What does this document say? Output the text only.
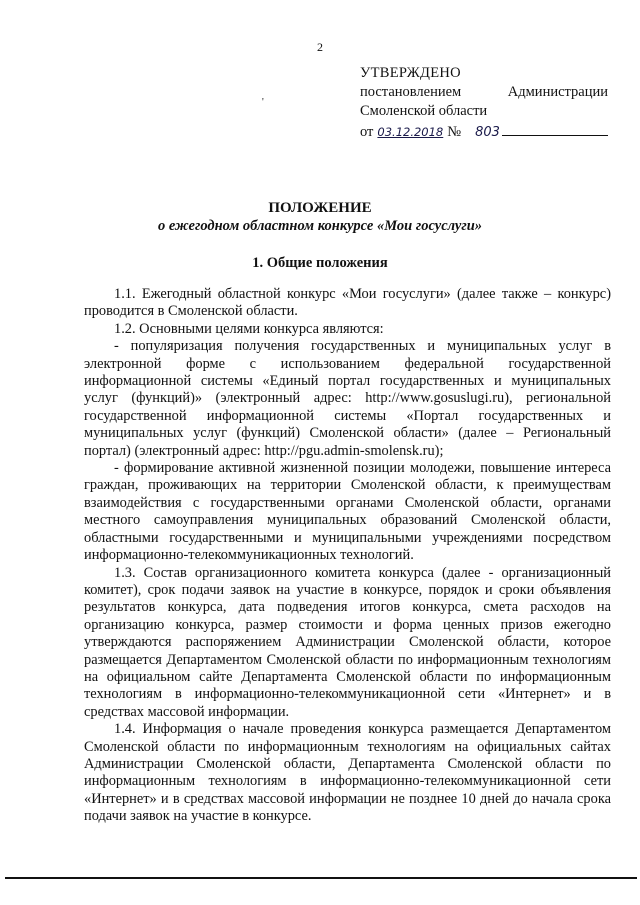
2
УТВЕРЖДЕНО
постановлением	Администрации
Смоленской области
от 03.12.2018 №	803
'
ПОЛОЖЕНИЕ
о ежегодном областном конкурсе «Мои госуслуги»
1. Общие положения

1.1. Ежегодный областной конкурс «Мои госуслуги» (далее также – конкурс) проводится в Смоленской области.

1.2. Основными целями конкурса являются:

- популяризация получения государственных и муниципальных услуг в электронной форме с использованием федеральной государственной информационной системы «Единый портал государственных и муниципальных услуг (функций)» (электронный адрес: http://www.gosuslugi.ru), региональной государственной информационной системы «Портал государственных и муниципальных услуг (функций) Смоленской области» (далее – Региональный портал) (электронный адрес: http://pgu.admin-smolensk.ru);

- формирование активной жизненной позиции молодежи, повышение интереса граждан, проживающих на территории Смоленской области, к преимуществам взаимодействия с государственными органами Смоленской области, органами местного самоуправления муниципальных образований Смоленской области, областными государственными и муниципальными учреждениями посредством информационно-телекоммуникационных технологий.

1.3. Состав организационного комитета конкурса (далее - организационный комитет), срок подачи заявок на участие в конкурсе, порядок и сроки объявления результатов конкурса, дата подведения итогов конкурса, смета расходов на организацию конкурса, размер стоимости и форма ценных призов ежегодно утверждаются распоряжением Администрации Смоленской области, которое размещается Департаментом Смоленской области по информационным технологиям на официальном сайте Департамента Смоленской области по информационным технологиям в информационно-телекоммуникационной сети «Интернет» и в средствах массовой информации.

1.4. Информация о начале проведения конкурса размещается Департаментом Смоленской области по информационным технологиям на официальных сайтах Администрации Смоленской области, Департамента Смоленской области по информационным технологиям в информационно-телекоммуникационной сети «Интернет» и в средствах массовой информации не позднее 10 дней до начала срока подачи заявок на участие в конкурсе.
